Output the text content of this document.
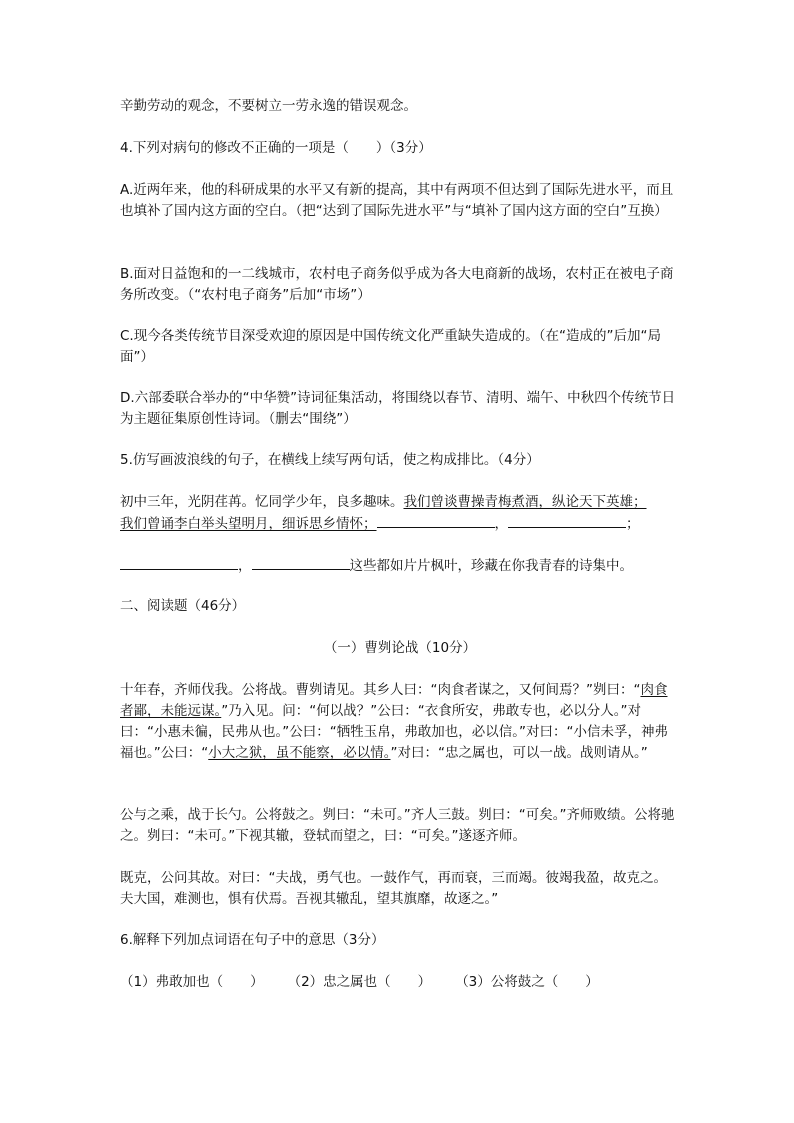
辛勤劳动的观念，不要树立一劳永逸的错误观念。

4.下列对病句的修改不正确的一项是（　　）（3分）

A.近两年来，他的科研成果的水平又有新的提高，其中有两项不但达到了国际先进水平，而且也填补了国内这方面的空白。（把“达到了国际先进水平”与“填补了国内这方面的空白”互换）

B.面对日益饱和的一二线城市，农村电子商务似乎成为各大电商新的战场，农村正在被电子商务所改变。（“农村电子商务”后加“市场”）

C.现今各类传统节目深受欢迎的原因是中国传统文化严重缺失造成的。（在“造成的”后加“局面”）

D.六部委联合举办的“中华赞”诗词征集活动，将围绕以春节、清明、端午、中秋四个传统节日为主题征集原创性诗词。（删去“围绕”）

5.仿写画波浪线的句子，在横线上续写两句话，使之构成排比。（4分）

初中三年，光阴荏苒。忆同学少年，良多趣味。我们曾谈曹操青梅煮酒，纵论天下英雄；
我们曾诵李白举头望明月，细诉思乡情怀；	，	；

，	这些都如片片枫叶，珍藏在你我青春的诗集中。

二、阅读题（46分）

（一）曹刿论战（10分）

十年春，齐师伐我。公将战。曹刿请见。其乡人曰：“肉食者谋之，又何间焉？”刿曰：“肉食者鄙，未能远谋。”乃入见。问：“何以战？”公曰：“衣食所安，弗敢专也，必以分人。”对曰：“小惠未徧，民弗从也。”公曰：“牺牲玉帛，弗敢加也，必以信。”对曰：“小信未孚，神弗福也。”公曰：“小大之狱，虽不能察，必以情。”对曰：“忠之属也，可以一战。战则请从。”

公与之乘，战于长勺。公将鼓之。刿曰：“未可。”齐人三鼓。刿曰：“可矣。”齐师败绩。公将驰之。刿曰：“未可。”下视其辙，登轼而望之，曰：“可矣。”遂逐齐师。

既克，公问其故。对曰：“夫战，勇气也。一鼓作气，再而衰，三而竭。彼竭我盈，故克之。夫大国，难测也，惧有伏焉。吾视其辙乱，望其旗靡，故逐之。”

6.解释下列加点词语在句子中的意思（3分）

（1）弗敢加也（　　） （2）忠之属也（　　） （3）公将鼓之（　　）
